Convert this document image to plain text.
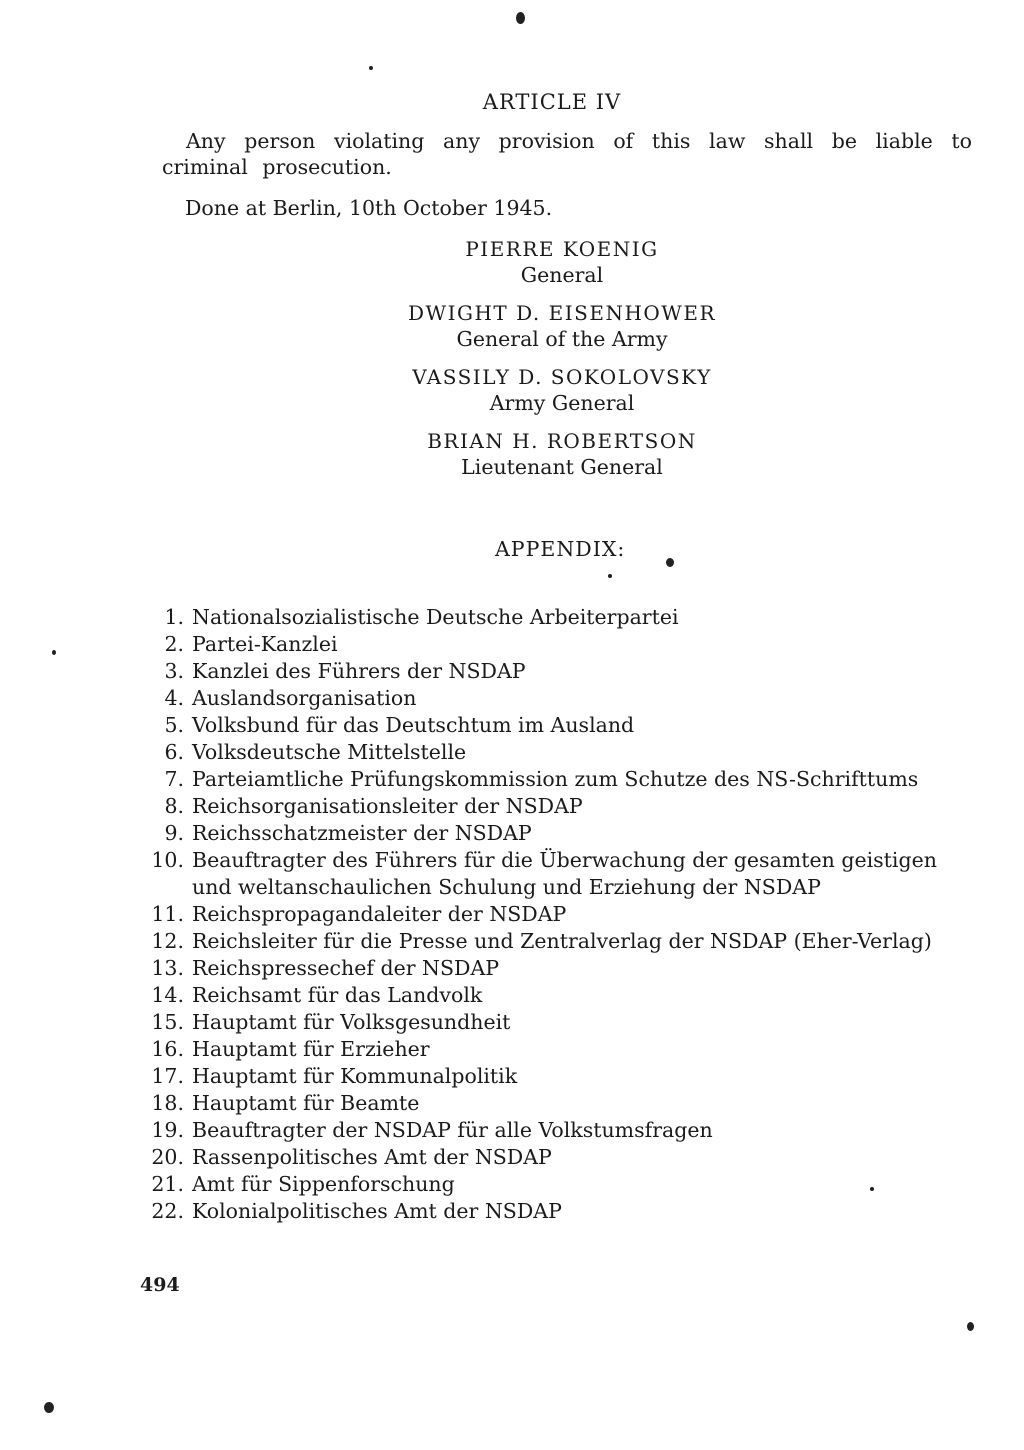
ARTICLE IV
Any person violating any provision of this law shall be liable to criminal prosecution.
Done at Berlin, 10th October 1945.
PIERRE KOENIG
General
DWIGHT D. EISENHOWER
General of the Army
VASSILY D. SOKOLOVSKY
Army General
BRIAN H. ROBERTSON
Lieutenant General
APPENDIX:
1. Nationalsozialistische Deutsche Arbeiterpartei
2. Partei-Kanzlei
3. Kanzlei des Führers der NSDAP
4. Auslandsorganisation
5. Volksbund für das Deutschtum im Ausland
6. Volksdeutsche Mittelstelle
7. Parteiamtliche Prüfungskommission zum Schutze des NS-Schrifttums
8. Reichsorganisationsleiter der NSDAP
9. Reichsschatzmeister der NSDAP
10. Beauftragter des Führers für die Überwachung der gesamten geistigen und weltanschaulichen Schulung und Erziehung der NSDAP
11. Reichspropagandaleiter der NSDAP
12. Reichsleiter für die Presse und Zentralverlag der NSDAP (Eher-Verlag)
13. Reichspressechef der NSDAP
14. Reichsamt für das Landvolk
15. Hauptamt für Volksgesundheit
16. Hauptamt für Erzieher
17. Hauptamt für Kommunalpolitik
18. Hauptamt für Beamte
19. Beauftragter der NSDAP für alle Volkstumsfragen
20. Rassenpolitisches Amt der NSDAP
21. Amt für Sippenforschung
22. Kolonialpolitisches Amt der NSDAP
494
